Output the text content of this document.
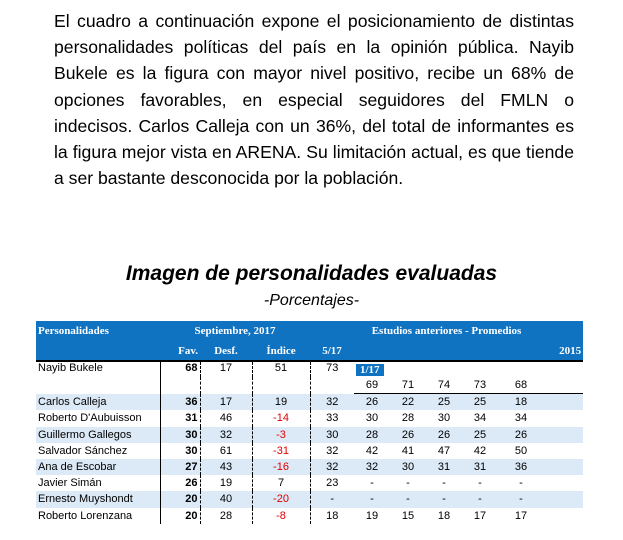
El cuadro a continuación expone el posicionamiento de distintas personalidades políticas del país en la opinión pública. Nayib Bukele es la figura con mayor nivel positivo, recibe un 68% de opciones favorables, en especial seguidores del FMLN o indecisos. Carlos Calleja con un 36%, del total de informantes es la figura mejor vista en ARENA. Su limitación actual, es que tiende a ser bastante desconocida por la población.

Imagen de personalidades evaluadas
-Porcentajes-
Personalidades	Septiembre, 2017			Estudios anteriores - Promedios						
	Fav.	Desf.	Índice	5/17						2015
Nayib Bukele	68	17	51	73	1/17					
					69	71	74	73	68	
Carlos Calleja	36	17	19	32	26	22	25	25	18	
Roberto D'Aubuisson	31	46	-14	33	30	28	30	34	34	
Guillermo Gallegos	30	32	-3	30	28	26	26	25	26	
Salvador Sánchez	30	61	-31	32	42	41	47	42	50	
Ana de Escobar	27	43	-16	32	32	30	31	31	36	
Javier Simán	26	19	7	23	-	-	-	-	-	
Ernesto Muyshondt	20	40	-20	-	-	-	-	-	-	
Roberto Lorenzana	20	28	-8	18	19	15	18	17	17	
